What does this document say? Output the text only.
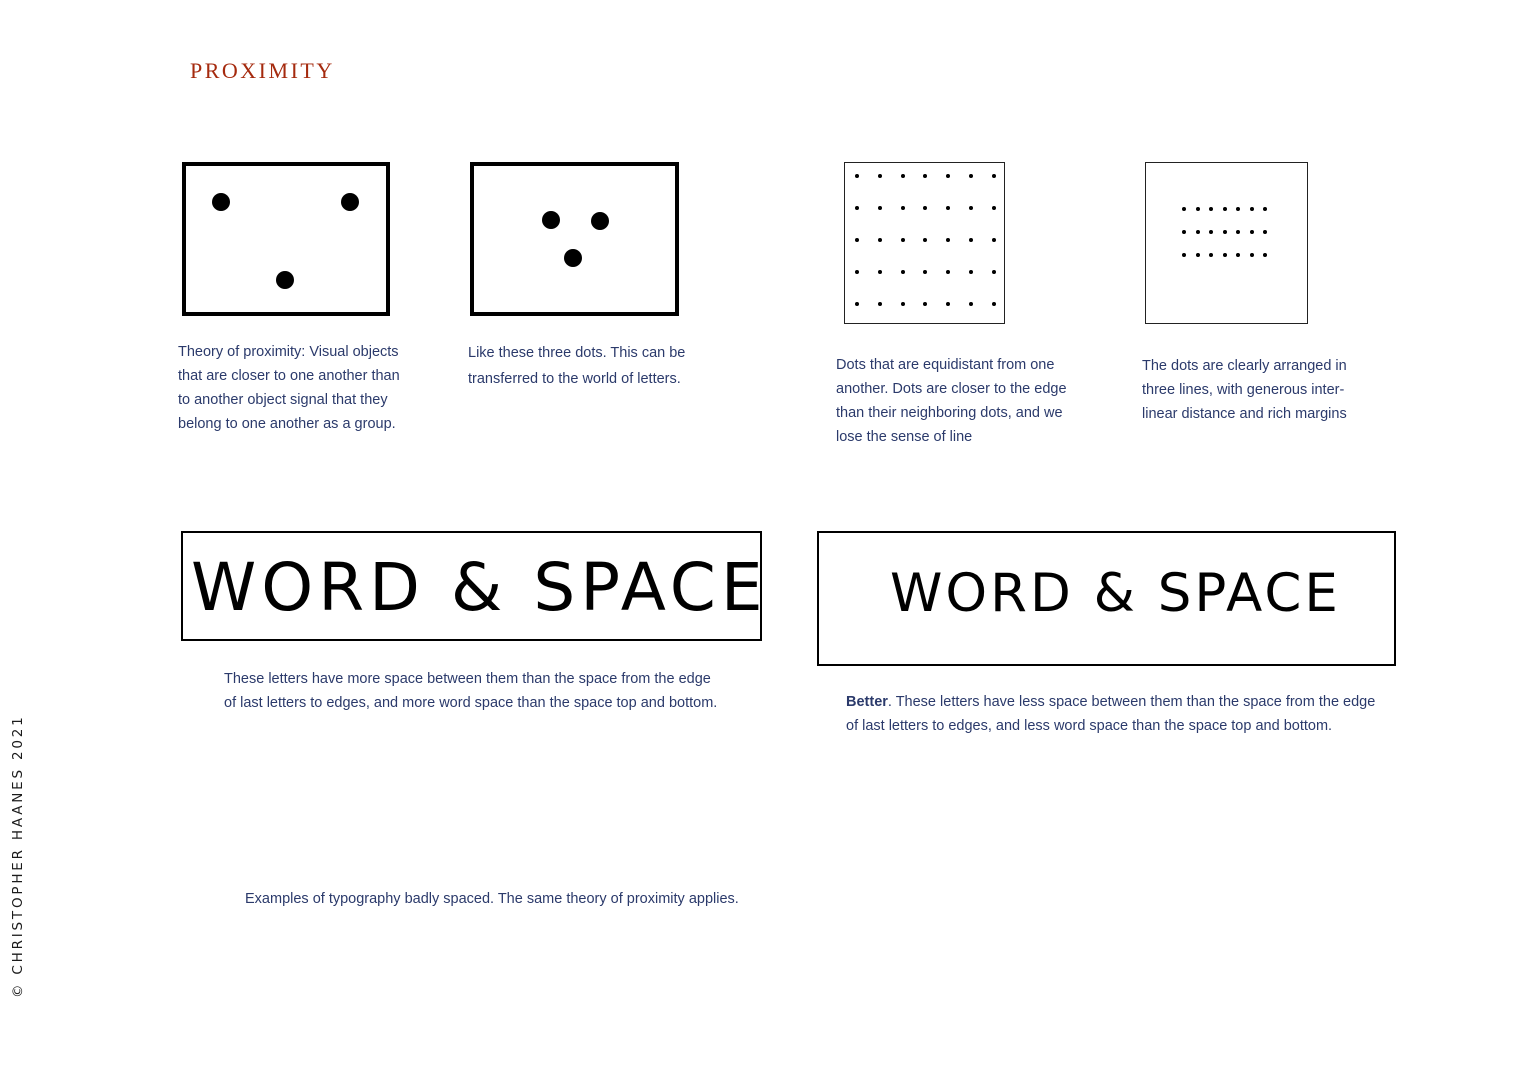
PROXIMITY
© CHRISTOPHER HAANES 2021

Theory of proximity: Visual objects
that are closer to one another than
to another object signal that they
belong to one another as a group.

Like these three dots. This can be
transferred to the world of letters.

Dots that are equidistant from one
another. Dots are closer to the edge
than their neighboring dots, and we
lose the sense of line

The dots are clearly arranged in
three lines, with generous inter-
linear distance and rich margins

WORD & SPACE

These letters have more space between them than the space from the edge
of last letters to edges, and more word space than the space top and bottom.

WORD & SPACE

Better. These letters have less space between them than the space from the edge
of last letters to edges, and less word space than the space top and bottom.

Examples of typography badly spaced. The same theory of proximity applies.
